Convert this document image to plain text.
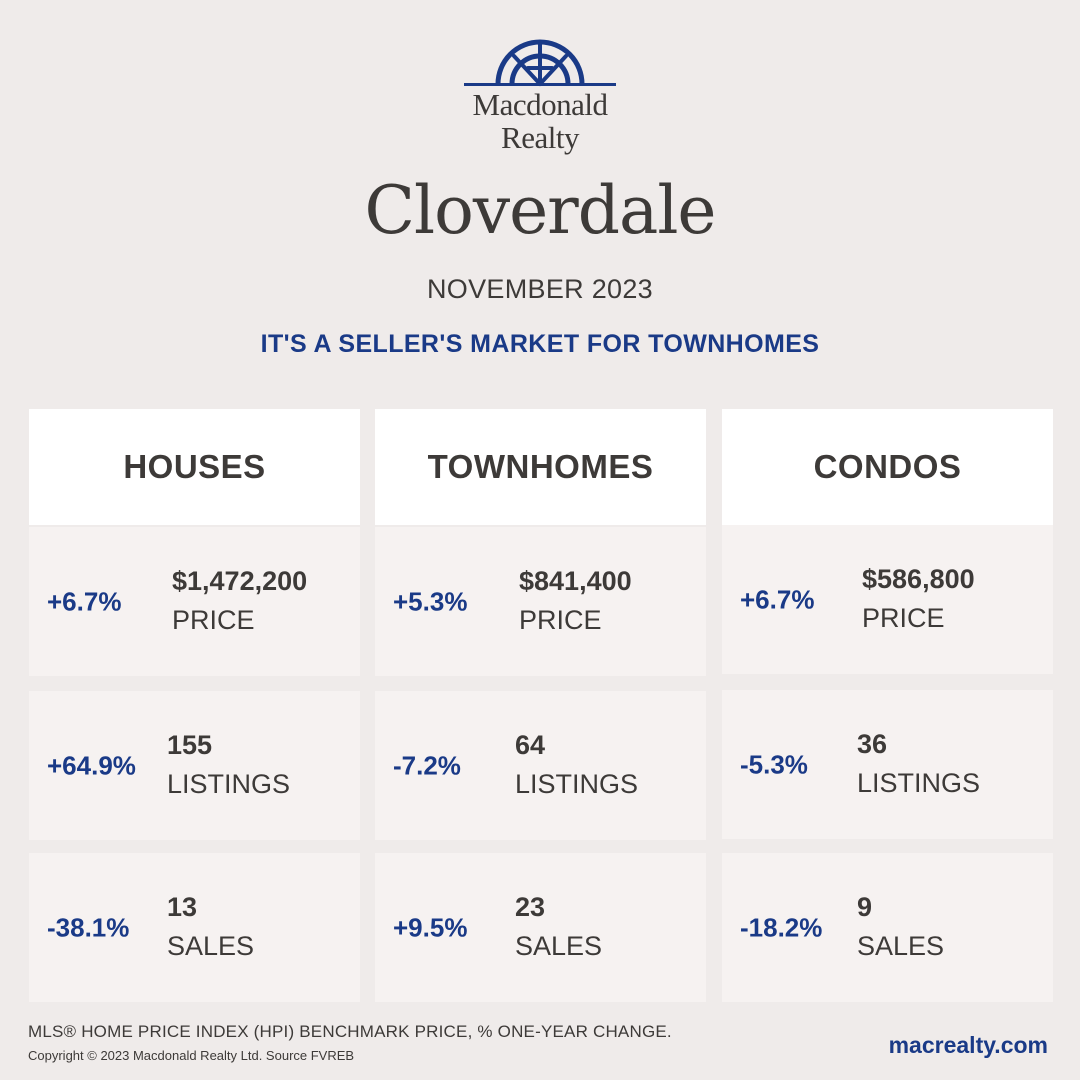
Macdonald
Realty
Cloverdale
NOVEMBER 2023
IT'S A SELLER'S MARKET FOR TOWNHOMES
HOUSES
+6.7%
$1,472,200
PRICE
+64.9%
155
LISTINGS
-38.1%
13
SALES
TOWNHOMES
+5.3%
$841,400
PRICE
-7.2%
64
LISTINGS
+9.5%
23
SALES
CONDOS
+6.7%
$586,800
PRICE
-5.3%
36
LISTINGS
-18.2%
9
SALES
MLS® HOME PRICE INDEX (HPI) BENCHMARK PRICE, % ONE-YEAR CHANGE.
Copyright © 2023 Macdonald Realty Ltd. Source FVREB	macrealty.com
